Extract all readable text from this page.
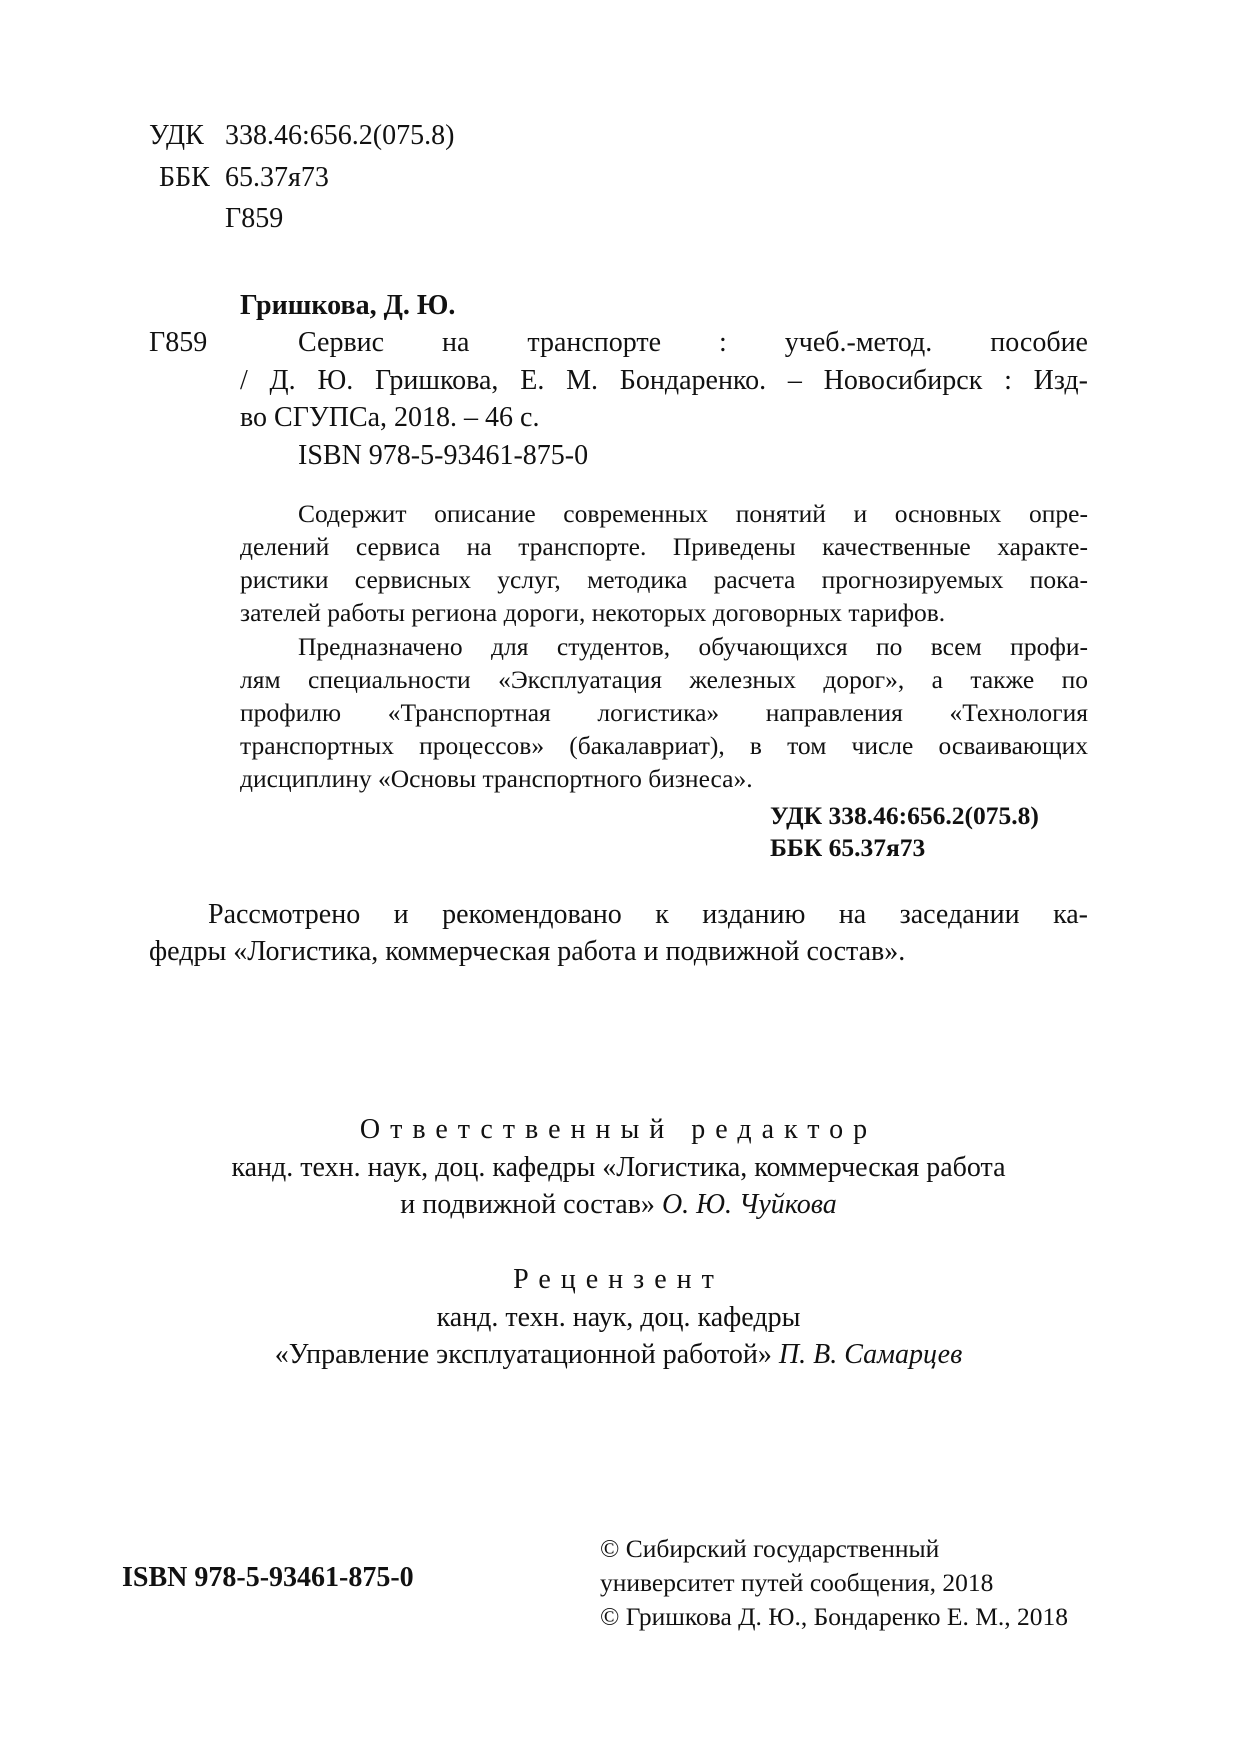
УДК 338.46:656.2(075.8)
ББК 65.37я73
Г859
Гришкова, Д. Ю.
Г859	Сервис на транспорте : учеб.-метод. пособие
/ Д. Ю. Гришкова, Е. М. Бондаренко. – Новосибирск : Изд-
во СГУПСа, 2018. – 46 с.
ISBN 978-5-93461-875-0
Содержит описание современных понятий и основных опре-
делений сервиса на транспорте. Приведены качественные характе-
ристики сервисных услуг, методика расчета прогнозируемых пока-
зателей работы региона дороги, некоторых договорных тарифов.
Предназначено для студентов, обучающихся по всем профи-
лям специальности «Эксплуатация железных дорог», а также по
профилю «Транспортная логистика» направления «Технология
транспортных процессов» (бакалавриат), в том числе осваивающих
дисциплину «Основы транспортного бизнеса».
УДК 338.46:656.2(075.8)
ББК 65.37я73
Рассмотрено и рекомендовано к изданию на заседании ка-
федры «Логистика, коммерческая работа и подвижной состав».
Ответственный редактор
канд. техн. наук, доц. кафедры «Логистика, коммерческая работа
и подвижной состав» О. Ю. Чуйкова
Рецензент
канд. техн. наук, доц. кафедры
«Управление эксплуатационной работой» П. В. Самарцев
ISBN 978-5-93461-875-0
© Сибирский государственный
университет путей сообщения, 2018
© Гришкова Д. Ю., Бондаренко Е. М., 2018
